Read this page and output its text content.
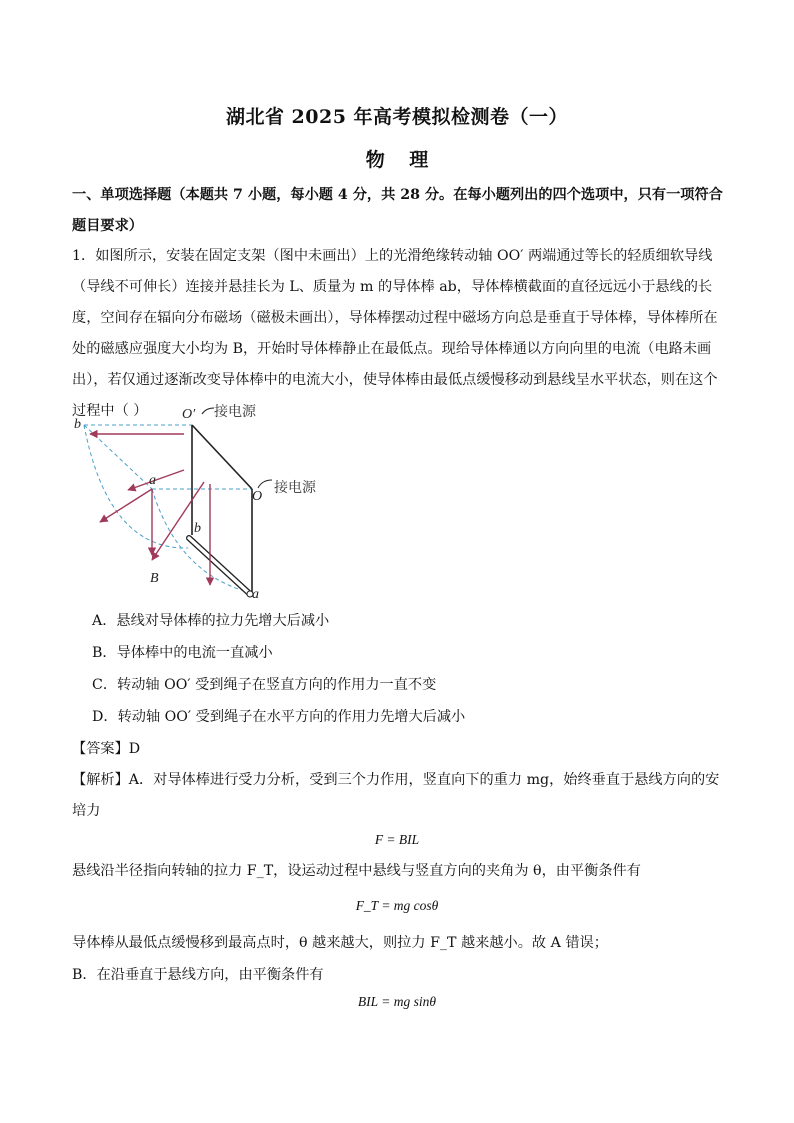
湖北省 2025 年高考模拟检测卷（一）
物 理
一、单项选择题（本题共 7 小题，每小题 4 分，共 28 分。在每小题列出的四个选项中，只有一项符合题目要求）
1．如图所示，安装在固定支架（图中未画出）上的光滑绝缘转动轴 OO′ 两端通过等长的轻质细软导线（导线不可伸长）连接并悬挂长为 L、质量为 m 的导体棒 ab，导体棒横截面的直径远远小于悬线的长度，空间存在辐向分布磁场（磁极未画出），导体棒摆动过程中磁场方向总是垂直于导体棒，导体棒所在处的磁感应强度大小均为 B，开始时导体棒静止在最低点。现给导体棒通以方向向里的电流（电路未画出），若仅通过逐渐改变导体棒中的电流大小，使导体棒由最低点缓慢移动到悬线呈水平状态，则在这个过程中（ ）
b
a
b
a
O′
O
B
接电源
接电源
A．悬线对导体棒的拉力先增大后减小
B．导体棒中的电流一直减小
C．转动轴 OO′ 受到绳子在竖直方向的作用力一直不变
D．转动轴 OO′ 受到绳子在水平方向的作用力先增大后减小
【答案】D
【解析】A．对导体棒进行受力分析，受到三个力作用，竖直向下的重力 mg，始终垂直于悬线方向的安培力
F = BIL
悬线沿半径指向转轴的拉力 F_T，设运动过程中悬线与竖直方向的夹角为 θ，由平衡条件有
F_T = mg cosθ
导体棒从最低点缓慢移到最高点时，θ 越来越大，则拉力 F_T 越来越小。故 A 错误；
B．在沿垂直于悬线方向，由平衡条件有
BIL = mg sinθ
